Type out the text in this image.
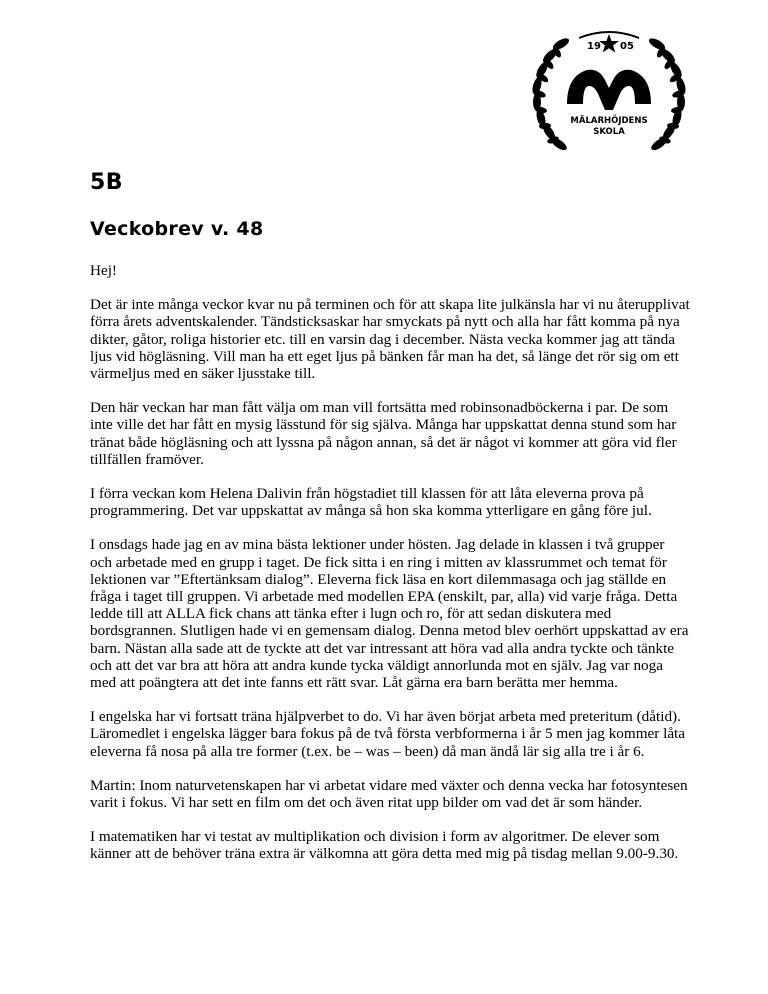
19 05
MÄLARHÖJDENS
SKOLA
5B
Veckobrev v. 48

Hej!

Det är inte många veckor kvar nu på terminen och för att skapa lite julkänsla har vi nu återupplivat förra årets adventskalender. Tändsticksaskar har smyckats på nytt och alla har fått komma på nya dikter, gåtor, roliga historier etc. till en varsin dag i december. Nästa vecka kommer jag att tända ljus vid högläsning. Vill man ha ett eget ljus på bänken får man ha det, så länge det rör sig om ett värmeljus med en säker ljusstake till.

Den här veckan har man fått välja om man vill fortsätta med robinsonadböckerna i par. De som inte ville det har fått en mysig lässtund för sig själva. Många har uppskattat denna stund som har tränat både högläsning och att lyssna på någon annan, så det är något vi kommer att göra vid fler tillfällen framöver.

I förra veckan kom Helena Dalivin från högstadiet till klassen för att låta eleverna prova på programmering. Det var uppskattat av många så hon ska komma ytterligare en gång före jul.

I onsdags hade jag en av mina bästa lektioner under hösten. Jag delade in klassen i två grupper och arbetade med en grupp i taget. De fick sitta i en ring i mitten av klassrummet och temat för lektionen var ”Eftertänksam dialog”. Eleverna fick läsa en kort dilemmasaga och jag ställde en fråga i taget till gruppen. Vi arbetade med modellen EPA (enskilt, par, alla) vid varje fråga. Detta ledde till att ALLA fick chans att tänka efter i lugn och ro, för att sedan diskutera med bordsgrannen. Slutligen hade vi en gemensam dialog. Denna metod blev oerhört uppskattad av era barn. Nästan alla sade att de tyckte att det var intressant att höra vad alla andra tyckte och tänkte och att det var bra att höra att andra kunde tycka väldigt annorlunda mot en själv. Jag var noga med att poängtera att det inte fanns ett rätt svar. Låt gärna era barn berätta mer hemma.

I engelska har vi fortsatt träna hjälpverbet to do. Vi har även börjat arbeta med preteritum (dåtid). Läromedlet i engelska lägger bara fokus på de två första verbformerna i år 5 men jag kommer låta eleverna få nosa på alla tre former (t.ex. be – was – been) då man ändå lär sig alla tre i år 6.

Martin: Inom naturvetenskapen har vi arbetat vidare med växter och denna vecka har fotosyntesen varit i fokus. Vi har sett en film om det och även ritat upp bilder om vad det är som händer.

I matematiken har vi testat av multiplikation och division i form av algoritmer. De elever som känner att de behöver träna extra är välkomna att göra detta med mig på tisdag mellan 9.00-9.30.
